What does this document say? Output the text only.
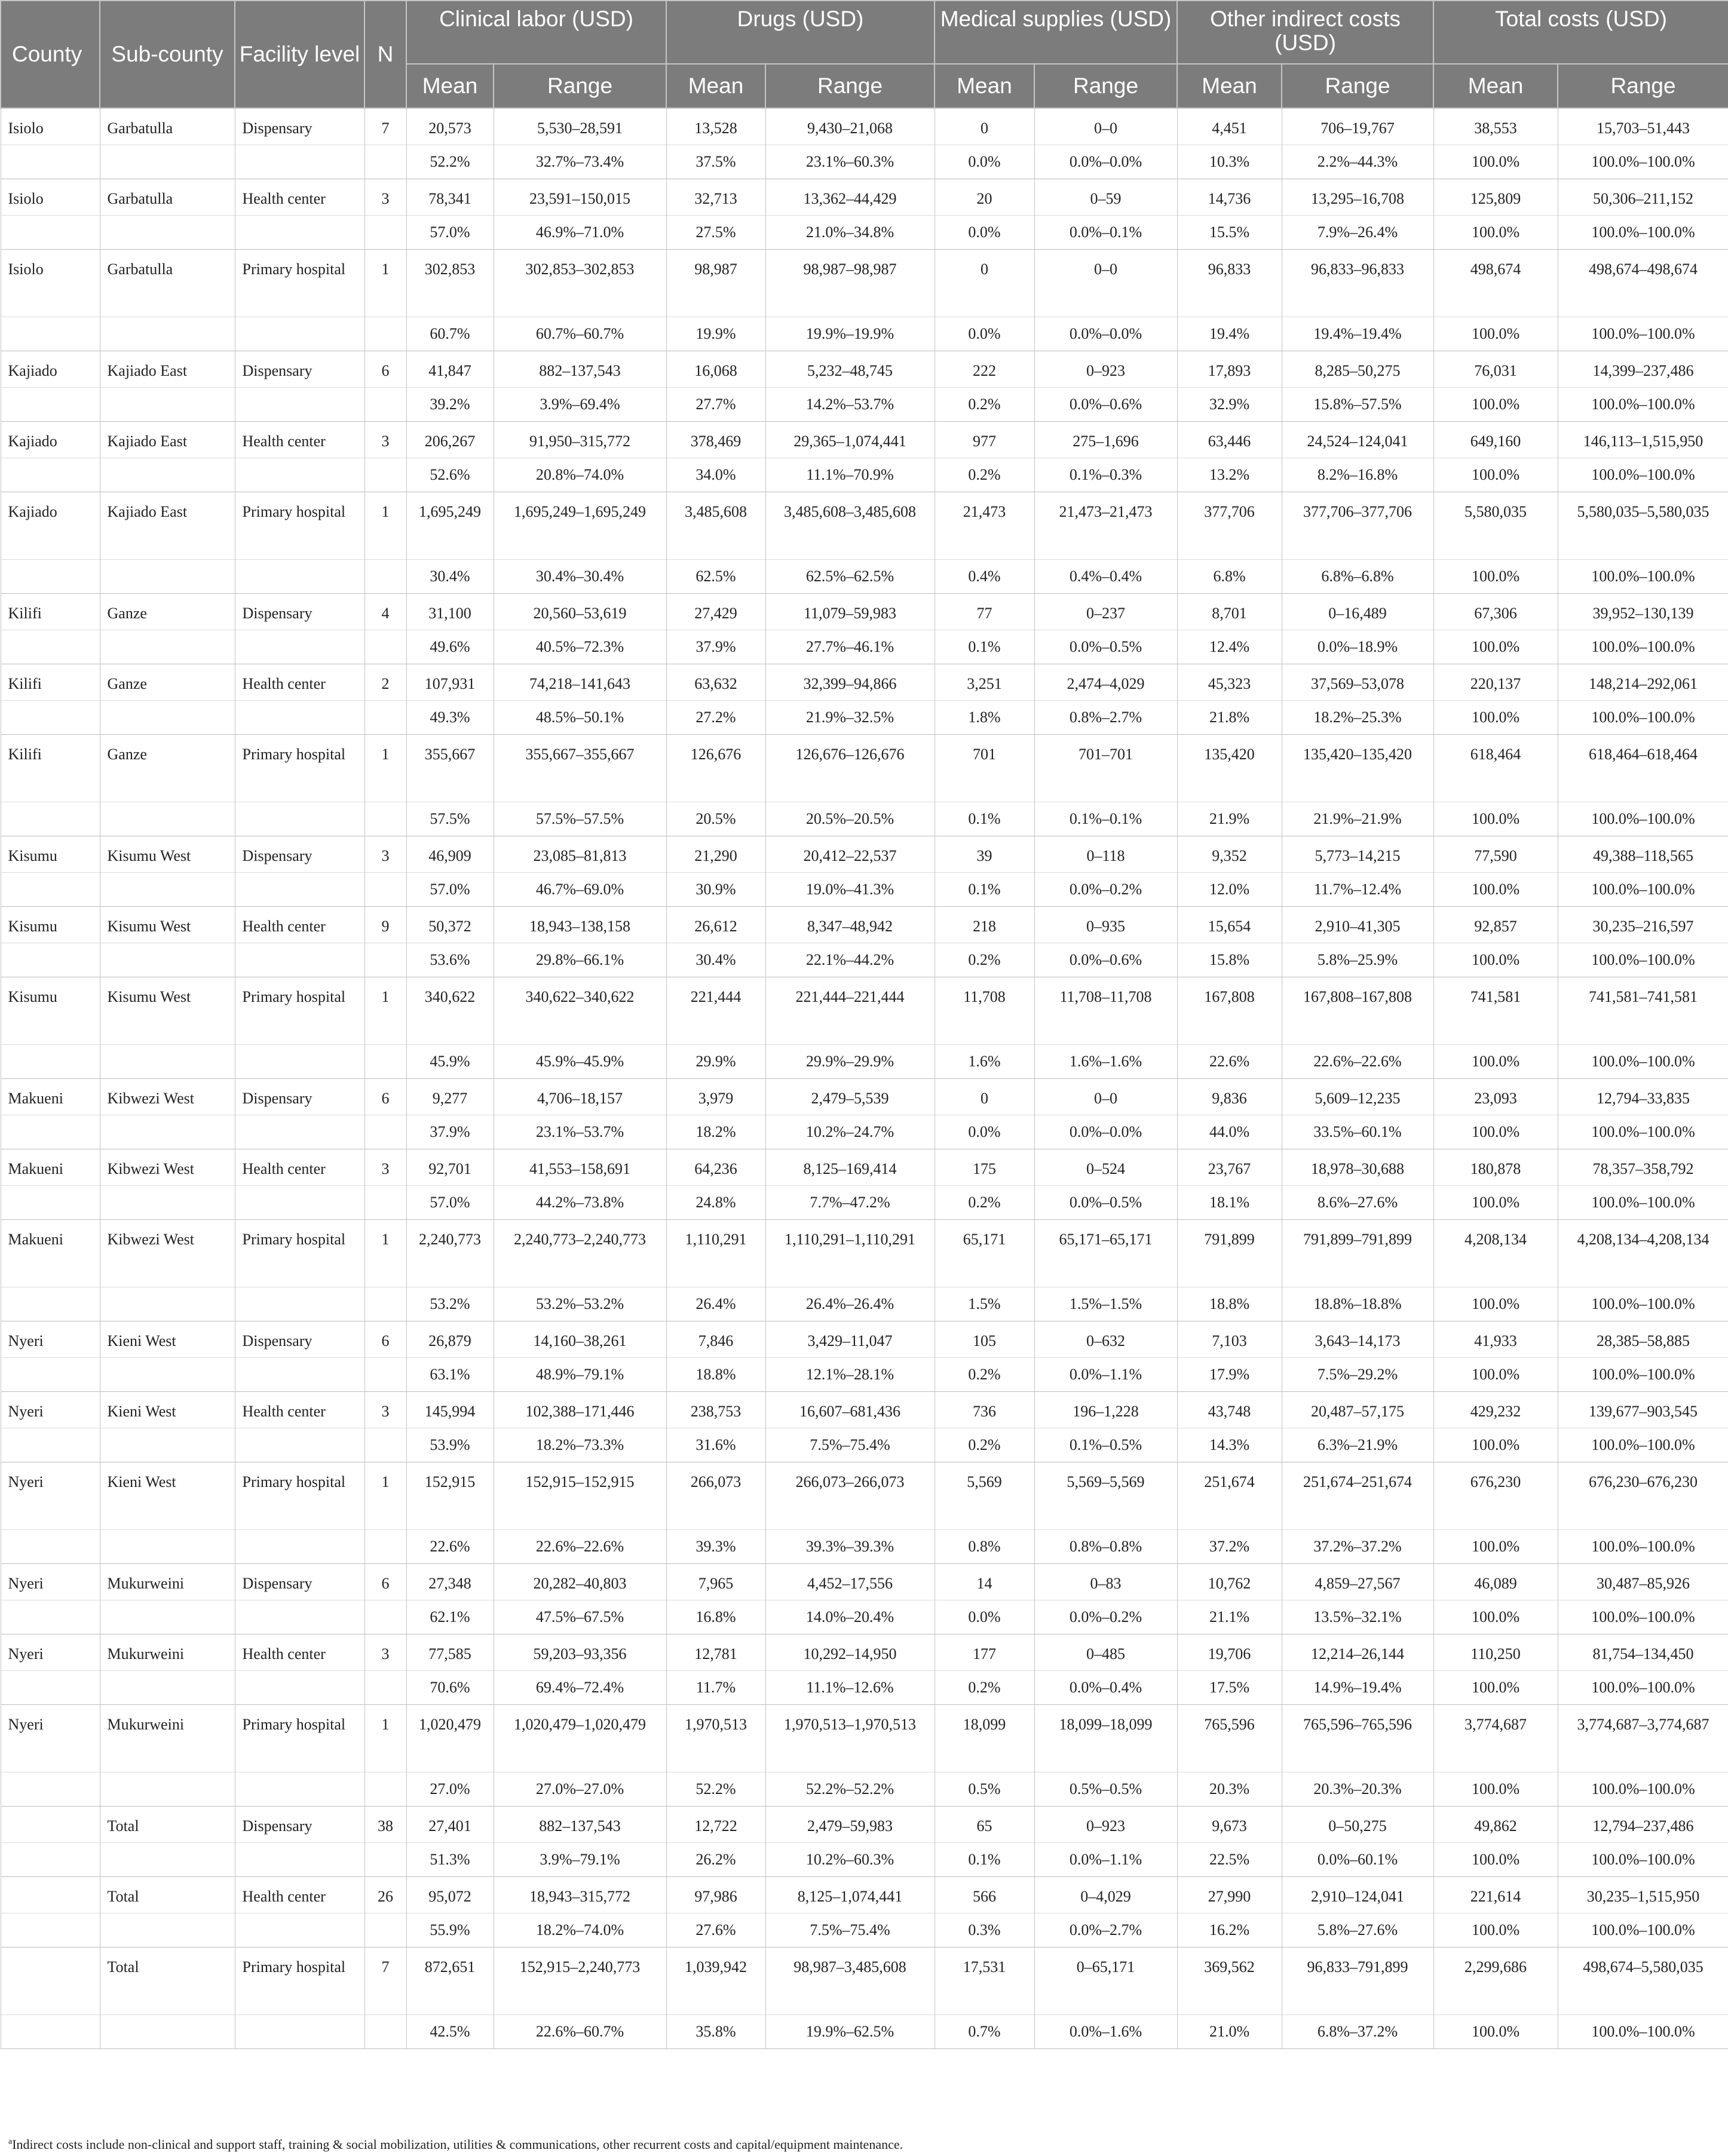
County	Sub-county	Facility level	N	Clinical labor (USD)		Drugs (USD)		Medical supplies (USD)		Other indirect costs (USD)		Total costs (USD)	
				Mean	Range	Mean	Range	Mean	Range	Mean	Range	Mean	Range
Isiolo	Garbatulla	Dispensary	7	20,573	5,530–28,591	13,528	9,430–21,068	0	0–0	4,451	706–19,767	38,553	15,703–51,443
				52.2%	32.7%–73.4%	37.5%	23.1%–60.3%	0.0%	0.0%–0.0%	10.3%	2.2%–44.3%	100.0%	100.0%–100.0%
Isiolo	Garbatulla	Health center	3	78,341	23,591–150,015	32,713	13,362–44,429	20	0–59	14,736	13,295–16,708	125,809	50,306–211,152
				57.0%	46.9%–71.0%	27.5%	21.0%–34.8%	0.0%	0.0%–0.1%	15.5%	7.9%–26.4%	100.0%	100.0%–100.0%
Isiolo	Garbatulla	Primary hospital	1	302,853	302,853–302,853	98,987	98,987–98,987	0	0–0	96,833	96,833–96,833	498,674	498,674–498,674
				60.7%	60.7%–60.7%	19.9%	19.9%–19.9%	0.0%	0.0%–0.0%	19.4%	19.4%–19.4%	100.0%	100.0%–100.0%
Kajiado	Kajiado East	Dispensary	6	41,847	882–137,543	16,068	5,232–48,745	222	0–923	17,893	8,285–50,275	76,031	14,399–237,486
				39.2%	3.9%–69.4%	27.7%	14.2%–53.7%	0.2%	0.0%–0.6%	32.9%	15.8%–57.5%	100.0%	100.0%–100.0%
Kajiado	Kajiado East	Health center	3	206,267	91,950–315,772	378,469	29,365–1,074,441	977	275–1,696	63,446	24,524–124,041	649,160	146,113–1,515,950
				52.6%	20.8%–74.0%	34.0%	11.1%–70.9%	0.2%	0.1%–0.3%	13.2%	8.2%–16.8%	100.0%	100.0%–100.0%
Kajiado	Kajiado East	Primary hospital	1	1,695,249	1,695,249–1,695,249	3,485,608	3,485,608–3,485,608	21,473	21,473–21,473	377,706	377,706–377,706	5,580,035	5,580,035–5,580,035
				30.4%	30.4%–30.4%	62.5%	62.5%–62.5%	0.4%	0.4%–0.4%	6.8%	6.8%–6.8%	100.0%	100.0%–100.0%
Kilifi	Ganze	Dispensary	4	31,100	20,560–53,619	27,429	11,079–59,983	77	0–237	8,701	0–16,489	67,306	39,952–130,139
				49.6%	40.5%–72.3%	37.9%	27.7%–46.1%	0.1%	0.0%–0.5%	12.4%	0.0%–18.9%	100.0%	100.0%–100.0%
Kilifi	Ganze	Health center	2	107,931	74,218–141,643	63,632	32,399–94,866	3,251	2,474–4,029	45,323	37,569–53,078	220,137	148,214–292,061
				49.3%	48.5%–50.1%	27.2%	21.9%–32.5%	1.8%	0.8%–2.7%	21.8%	18.2%–25.3%	100.0%	100.0%–100.0%
Kilifi	Ganze	Primary hospital	1	355,667	355,667–355,667	126,676	126,676–126,676	701	701–701	135,420	135,420–135,420	618,464	618,464–618,464
				57.5%	57.5%–57.5%	20.5%	20.5%–20.5%	0.1%	0.1%–0.1%	21.9%	21.9%–21.9%	100.0%	100.0%–100.0%
Kisumu	Kisumu West	Dispensary	3	46,909	23,085–81,813	21,290	20,412–22,537	39	0–118	9,352	5,773–14,215	77,590	49,388–118,565
				57.0%	46.7%–69.0%	30.9%	19.0%–41.3%	0.1%	0.0%–0.2%	12.0%	11.7%–12.4%	100.0%	100.0%–100.0%
Kisumu	Kisumu West	Health center	9	50,372	18,943–138,158	26,612	8,347–48,942	218	0–935	15,654	2,910–41,305	92,857	30,235–216,597
				53.6%	29.8%–66.1%	30.4%	22.1%–44.2%	0.2%	0.0%–0.6%	15.8%	5.8%–25.9%	100.0%	100.0%–100.0%
Kisumu	Kisumu West	Primary hospital	1	340,622	340,622–340,622	221,444	221,444–221,444	11,708	11,708–11,708	167,808	167,808–167,808	741,581	741,581–741,581
				45.9%	45.9%–45.9%	29.9%	29.9%–29.9%	1.6%	1.6%–1.6%	22.6%	22.6%–22.6%	100.0%	100.0%–100.0%
Makueni	Kibwezi West	Dispensary	6	9,277	4,706–18,157	3,979	2,479–5,539	0	0–0	9,836	5,609–12,235	23,093	12,794–33,835
				37.9%	23.1%–53.7%	18.2%	10.2%–24.7%	0.0%	0.0%–0.0%	44.0%	33.5%–60.1%	100.0%	100.0%–100.0%
Makueni	Kibwezi West	Health center	3	92,701	41,553–158,691	64,236	8,125–169,414	175	0–524	23,767	18,978–30,688	180,878	78,357–358,792
				57.0%	44.2%–73.8%	24.8%	7.7%–47.2%	0.2%	0.0%–0.5%	18.1%	8.6%–27.6%	100.0%	100.0%–100.0%
Makueni	Kibwezi West	Primary hospital	1	2,240,773	2,240,773–2,240,773	1,110,291	1,110,291–1,110,291	65,171	65,171–65,171	791,899	791,899–791,899	4,208,134	4,208,134–4,208,134
				53.2%	53.2%–53.2%	26.4%	26.4%–26.4%	1.5%	1.5%–1.5%	18.8%	18.8%–18.8%	100.0%	100.0%–100.0%
Nyeri	Kieni West	Dispensary	6	26,879	14,160–38,261	7,846	3,429–11,047	105	0–632	7,103	3,643–14,173	41,933	28,385–58,885
				63.1%	48.9%–79.1%	18.8%	12.1%–28.1%	0.2%	0.0%–1.1%	17.9%	7.5%–29.2%	100.0%	100.0%–100.0%
Nyeri	Kieni West	Health center	3	145,994	102,388–171,446	238,753	16,607–681,436	736	196–1,228	43,748	20,487–57,175	429,232	139,677–903,545
				53.9%	18.2%–73.3%	31.6%	7.5%–75.4%	0.2%	0.1%–0.5%	14.3%	6.3%–21.9%	100.0%	100.0%–100.0%
Nyeri	Kieni West	Primary hospital	1	152,915	152,915–152,915	266,073	266,073–266,073	5,569	5,569–5,569	251,674	251,674–251,674	676,230	676,230–676,230
				22.6%	22.6%–22.6%	39.3%	39.3%–39.3%	0.8%	0.8%–0.8%	37.2%	37.2%–37.2%	100.0%	100.0%–100.0%
Nyeri	Mukurweini	Dispensary	6	27,348	20,282–40,803	7,965	4,452–17,556	14	0–83	10,762	4,859–27,567	46,089	30,487–85,926
				62.1%	47.5%–67.5%	16.8%	14.0%–20.4%	0.0%	0.0%–0.2%	21.1%	13.5%–32.1%	100.0%	100.0%–100.0%
Nyeri	Mukurweini	Health center	3	77,585	59,203–93,356	12,781	10,292–14,950	177	0–485	19,706	12,214–26,144	110,250	81,754–134,450
				70.6%	69.4%–72.4%	11.7%	11.1%–12.6%	0.2%	0.0%–0.4%	17.5%	14.9%–19.4%	100.0%	100.0%–100.0%
Nyeri	Mukurweini	Primary hospital	1	1,020,479	1,020,479–1,020,479	1,970,513	1,970,513–1,970,513	18,099	18,099–18,099	765,596	765,596–765,596	3,774,687	3,774,687–3,774,687
				27.0%	27.0%–27.0%	52.2%	52.2%–52.2%	0.5%	0.5%–0.5%	20.3%	20.3%–20.3%	100.0%	100.0%–100.0%
	Total	Dispensary	38	27,401	882–137,543	12,722	2,479–59,983	65	0–923	9,673	0–50,275	49,862	12,794–237,486
				51.3%	3.9%–79.1%	26.2%	10.2%–60.3%	0.1%	0.0%–1.1%	22.5%	0.0%–60.1%	100.0%	100.0%–100.0%
	Total	Health center	26	95,072	18,943–315,772	97,986	8,125–1,074,441	566	0–4,029	27,990	2,910–124,041	221,614	30,235–1,515,950
				55.9%	18.2%–74.0%	27.6%	7.5%–75.4%	0.3%	0.0%–2.7%	16.2%	5.8%–27.6%	100.0%	100.0%–100.0%
	Total	Primary hospital	7	872,651	152,915–2,240,773	1,039,942	98,987–3,485,608	17,531	0–65,171	369,562	96,833–791,899	2,299,686	498,674–5,580,035
				42.5%	22.6%–60.7%	35.8%	19.9%–62.5%	0.7%	0.0%–1.6%	21.0%	6.8%–37.2%	100.0%	100.0%–100.0%
$^a$Indirect costs include non-clinical and support staff, training & social mobilization, utilities & communications, other recurrent costs and capital/equipment maintenance.
